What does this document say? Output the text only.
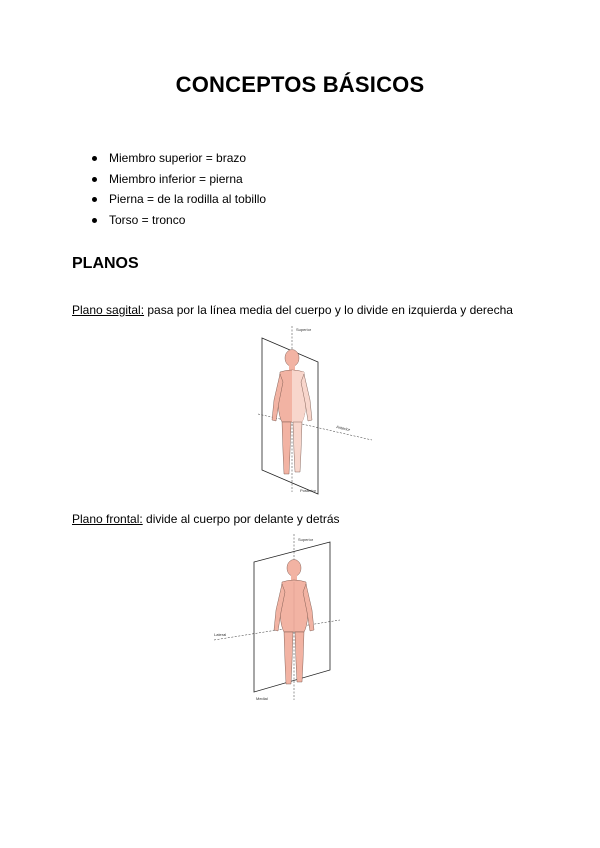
CONCEPTOS BÁSICOS
Miembro superior = brazo
Miembro inferior = pierna
Pierna = de la rodilla al tobillo
Torso = tronco
PLANOS
Plano sagital: pasa por la línea media del cuerpo y lo divide en izquierda y derecha
Superior
Anterior
Posterior
Plano frontal: divide al cuerpo por delante y detrás
Superior
Lateral
Medial
